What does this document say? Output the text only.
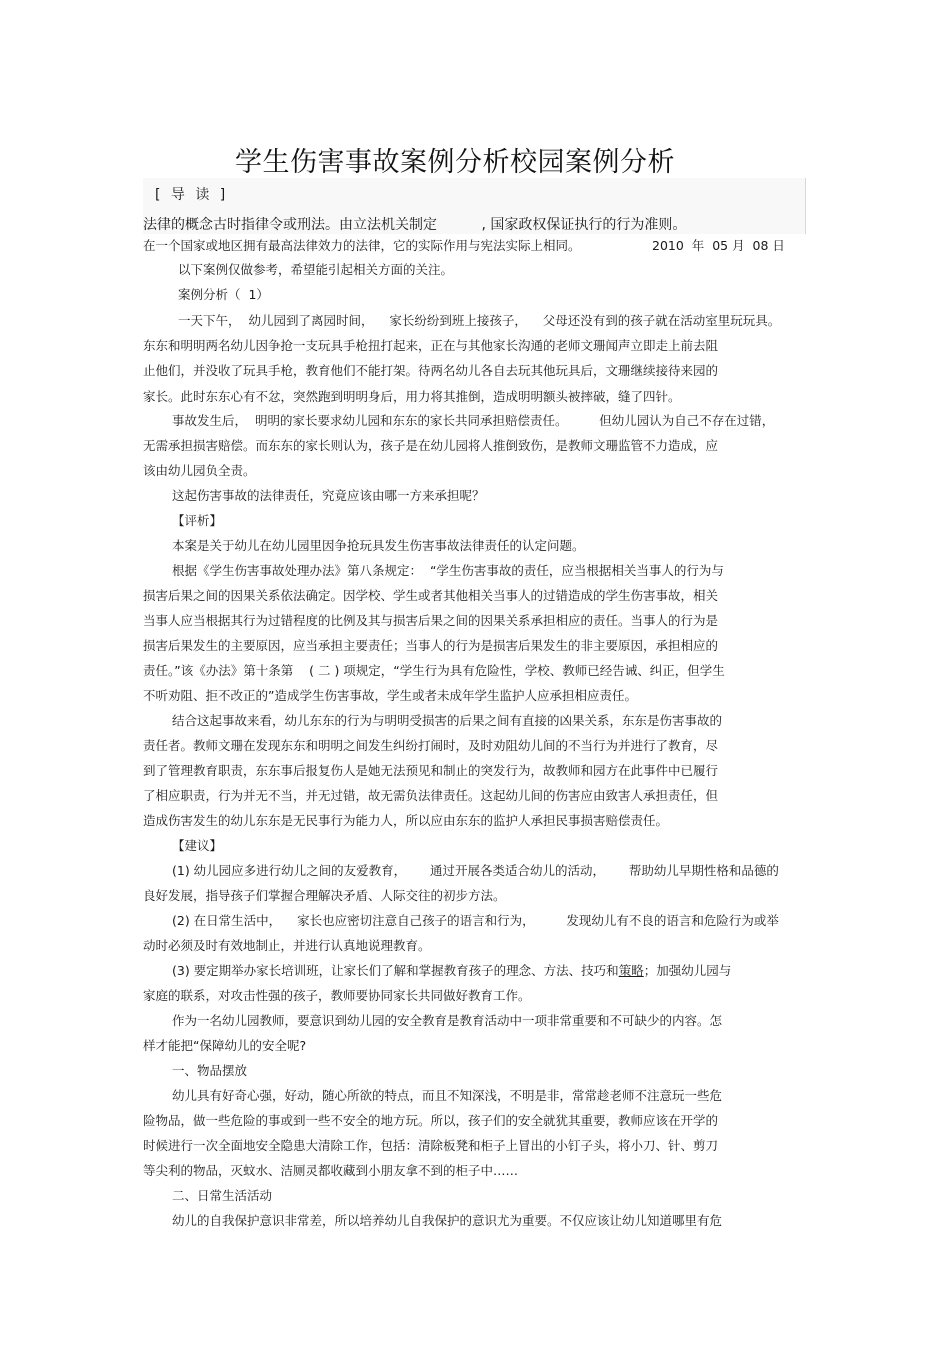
学生伤害事故案例分析校园案例分析
[ 导 读 ]
法律的概念古时指律令或刑法。由立法机关制定          , 国家政权保证执行的行为准则。
在一个国家或地区拥有最高法律效力的法律，它的实际作用与宪法实际上相同。	2010  年  05 月  08 日
以下案例仅做参考，希望能引起相关方面的关注。
案例分析（  1）
一天下午，  幼儿园到了离园时间，    家长纷纷到班上接孩子，    父母还没有到的孩子就在活动室里玩玩具。
东东和明明两名幼儿因争抢一支玩具手枪扭打起来，正在与其他家长沟通的老师文珊闻声立即走上前去阻
止他们，并没收了玩具手枪，教育他们不能打架。待两名幼儿各自去玩其他玩具后，文珊继续接待来园的
家长。此时东东心有不忿，突然跑到明明身后，用力将其推倒，造成明明额头被摔破，缝了四针。
事故发生后，  明明的家长要求幼儿园和东东的家长共同承担赔偿责任。        但幼儿园认为自己不存在过错，
无需承担损害赔偿。而东东的家长则认为，孩子是在幼儿园将人推倒致伤，是教师文珊监管不力造成，应
该由幼儿园负全责。
这起伤害事故的法律责任，究竟应该由哪一方来承担呢？
【评析】
本案是关于幼儿在幼儿园里因争抢玩具发生伤害事故法律责任的认定问题。
根据《学生伤害事故处理办法》第八条规定：  “学生伤害事故的责任，应当根据相关当事人的行为与
损害后果之间的因果关系依法确定。因学校、学生或者其他相关当事人的过错造成的学生伤害事故，相关
当事人应当根据其行为过错程度的比例及其与损害后果之间的因果关系承担相应的责任。当事人的行为是
损害后果发生的主要原因，应当承担主要责任；当事人的行为是损害后果发生的非主要原因，承担相应的
责任。”该《办法》第十条第    ( 二 ) 项规定，“学生行为具有危险性，学校、教师已经告诫、纠正，但学生
不听劝阻、拒不改正的”造成学生伤害事故，学生或者未成年学生监护人应承担相应责任。
结合这起事故来看，幼儿东东的行为与明明受损害的后果之间有直接的凶果关系，东东是伤害事故的
责任者。教师文珊在发现东东和明明之间发生纠纷打闹时，及时劝阻幼儿间的不当行为并进行了教育，尽
到了管理教育职责，东东事后报复伤人是她无法预见和制止的突发行为，故教师和园方在此事件中已履行
了相应职责，行为并无不当，并无过错，故无需负法律责任。这起幼儿间的伤害应由致害人承担责任，但
造成伤害发生的幼儿东东是无民事行为能力人，所以应由东东的监护人承担民事损害赔偿责任。
【建议】
(1) 幼儿园应多进行幼儿之间的友爱教育，      通过开展各类适合幼儿的活动，      帮助幼儿早期性格和品德的
良好发展，指导孩子们掌握合理解决矛盾、人际交往的初步方法。
(2) 在日常生活中，    家长也应密切注意自己孩子的语言和行为，        发现幼儿有不良的语言和危险行为或举
动时必须及时有效地制止，并进行认真地说理教育。
(3) 要定期举办家长培训班，让家长们了解和掌握教育孩子的理念、方法、技巧和策略；加强幼儿园与
家庭的联系，对攻击性强的孩子，教师要协同家长共同做好教育工作。
作为一名幼儿园教师，要意识到幼儿园的安全教育是教育活动中一项非常重要和不可缺少的内容。怎
样才能把“保障幼儿的安全呢?
一、物品摆放
幼儿具有好奇心强，好动，随心所欲的特点，而且不知深浅，不明是非，常常趁老师不注意玩一些危
险物品，做一些危险的事或到一些不安全的地方玩。所以，孩子们的安全就犹其重要，教师应该在开学的
时候进行一次全面地安全隐患大清除工作，包括：清除板凳和柜子上冒出的小钉子头，将小刀、针、剪刀
等尖利的物品，灭蚊水、洁厕灵都收藏到小朋友拿不到的柜子中……
二、日常生活活动
幼儿的自我保护意识非常差，所以培养幼儿自我保护的意识尤为重要。不仅应该让幼儿知道哪里有危
